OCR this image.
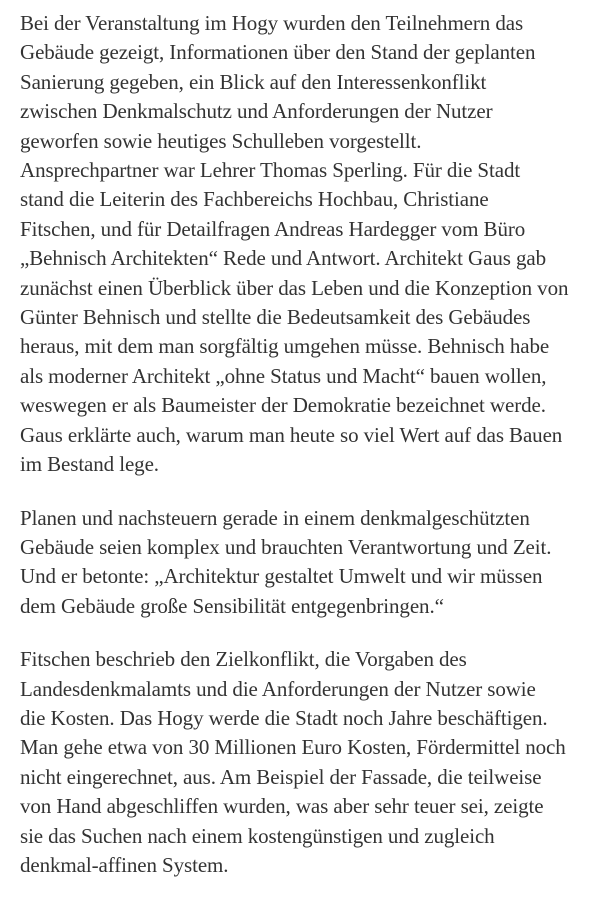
Bei der Veranstaltung im Hogy wurden den Teilnehmern das
Gebäude gezeigt, Informationen über den Stand der geplanten
Sanierung gegeben, ein Blick auf den Interessenkonflikt
zwischen Denkmalschutz und Anforderungen der Nutzer
geworfen sowie heutiges Schulleben vorgestellt.
Ansprechpartner war Lehrer Thomas Sperling. Für die Stadt
stand die Leiterin des Fachbereichs Hochbau, Christiane
Fitschen, und für Detailfragen Andreas Hardegger vom Büro
„Behnisch Architekten“ Rede und Antwort. Architekt Gaus gab
zunächst einen Überblick über das Leben und die Konzeption von
Günter Behnisch und stellte die Bedeutsamkeit des Gebäudes
heraus, mit dem man sorgfältig umgehen müsse. Behnisch habe
als moderner Architekt „ohne Status und Macht“ bauen wollen,
weswegen er als Baumeister der Demokratie bezeichnet werde.
Gaus erklärte auch, warum man heute so viel Wert auf das Bauen
im Bestand lege.

Planen und nachsteuern gerade in einem denkmalgeschützten
Gebäude seien komplex und brauchten Verantwortung und Zeit.
Und er betonte: „Architektur gestaltet Umwelt und wir müssen
dem Gebäude große Sensibilität entgegenbringen.“

Fitschen beschrieb den Zielkonflikt, die Vorgaben des
Landesdenkmalamts und die Anforderungen der Nutzer sowie
die Kosten. Das Hogy werde die Stadt noch Jahre beschäftigen.
Man gehe etwa von 30 Millionen Euro Kosten, Fördermittel noch
nicht eingerechnet, aus. Am Beispiel der Fassade, die teilweise
von Hand abgeschliffen wurden, was aber sehr teuer sei, zeigte
sie das Suchen nach einem kostengünstigen und zugleich
denkmal-affinen System.
